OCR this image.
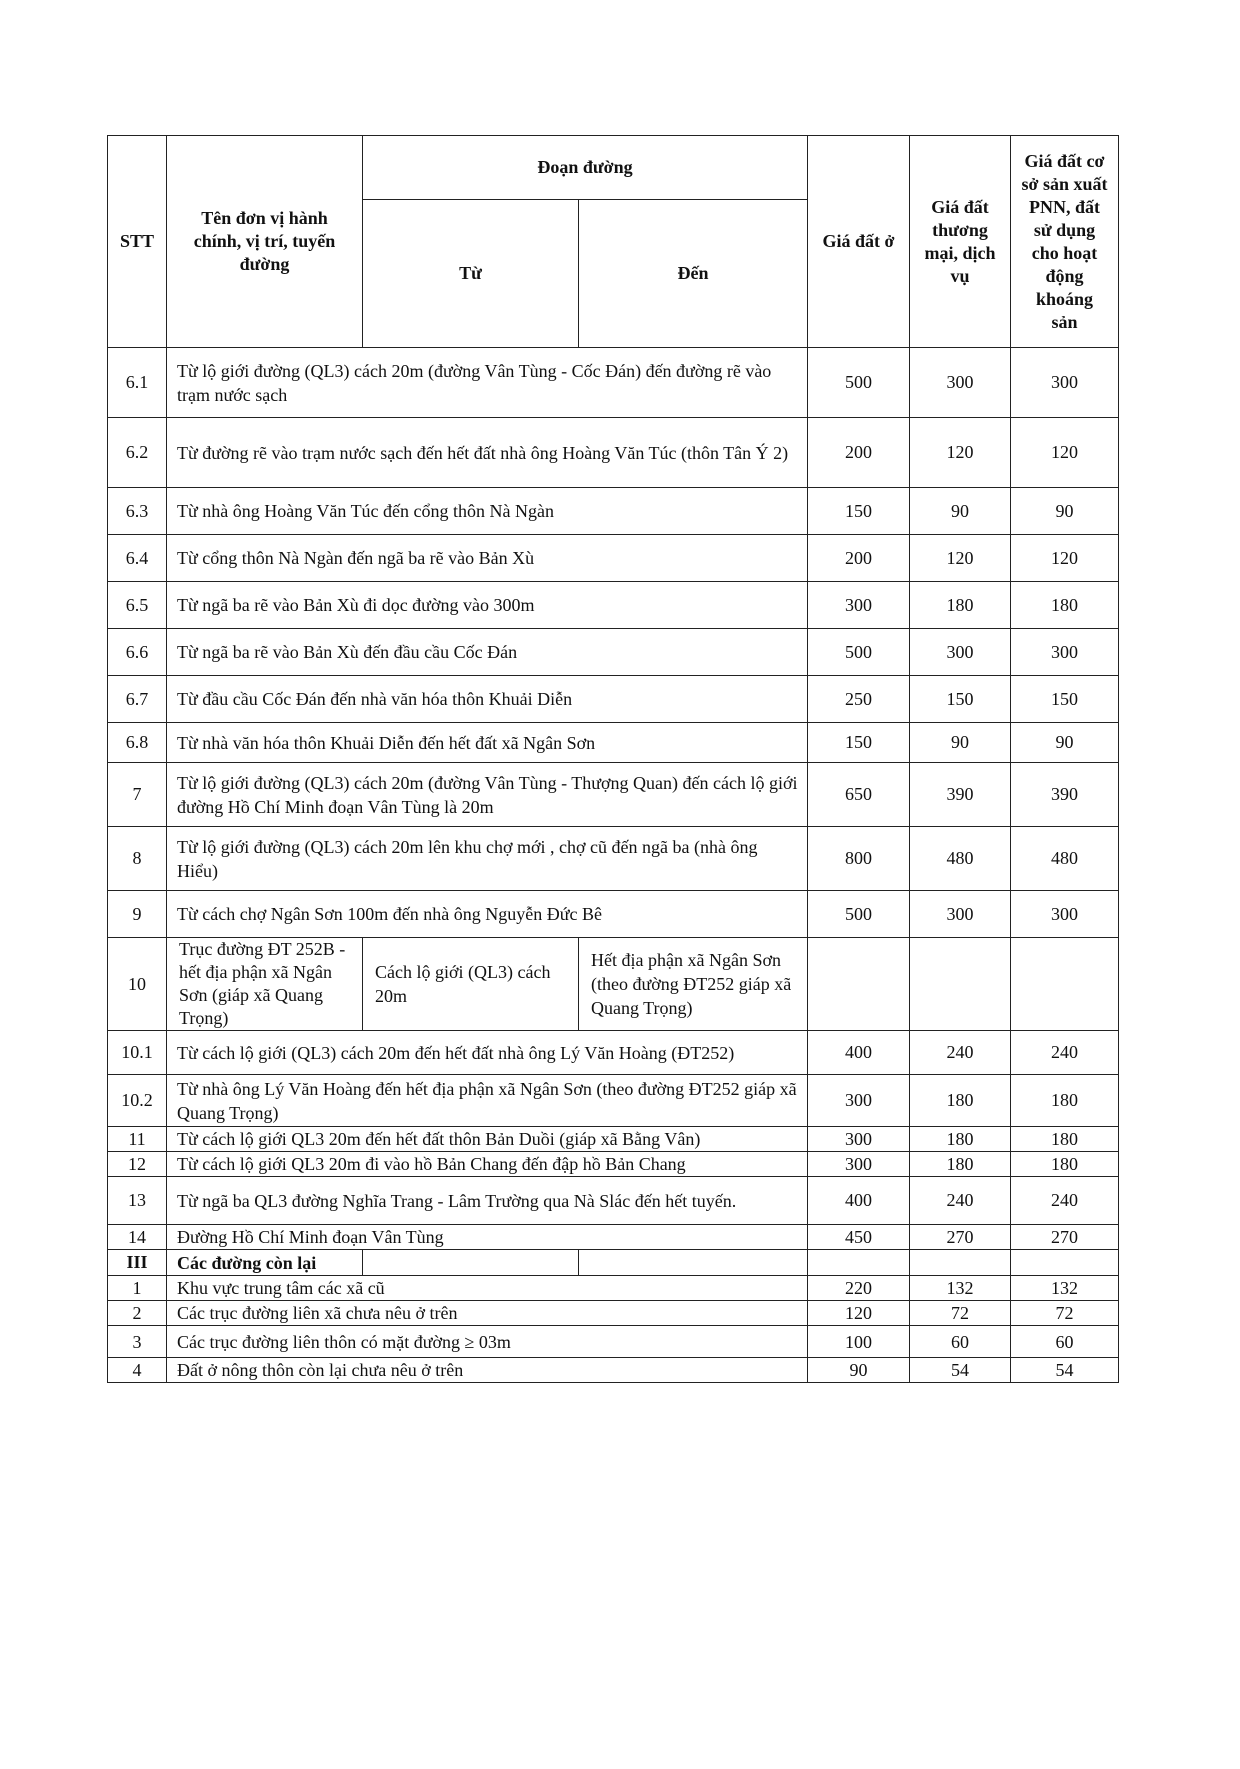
STT	Tên đơn vị hành chính, vị trí, tuyến đường	Đoạn đường		Giá đất ở	Giá đất thương mại, dịch vụ	Giá đất cơ sở sản xuất PNN, đất sử dụng cho hoạt động khoáng sản
		Từ	Đến			
6.1	Từ lộ giới đường (QL3) cách 20m (đường Vân Tùng - Cốc Đán) đến đường rẽ vào trạm nước sạch			500	300	300
6.2	Từ đường rẽ vào trạm nước sạch đến hết đất nhà ông Hoàng Văn Túc (thôn Tân Ý 2)			200	120	120
6.3	Từ nhà ông Hoàng Văn Túc đến cổng thôn Nà Ngàn			150	90	90
6.4	Từ cổng thôn Nà Ngàn đến ngã ba rẽ vào Bản Xù			200	120	120
6.5	Từ ngã ba rẽ vào Bản Xù đi dọc đường vào 300m			300	180	180
6.6	Từ ngã ba rẽ vào Bản Xù đến đầu cầu Cốc Đán			500	300	300
6.7	Từ đầu cầu Cốc Đán đến nhà văn hóa thôn Khuải Diễn			250	150	150
6.8	Từ nhà văn hóa thôn Khuải Diễn đến hết đất xã Ngân Sơn			150	90	90
7	Từ lộ giới đường (QL3) cách 20m (đường Vân Tùng - Thượng Quan) đến cách lộ giới đường Hồ Chí Minh đoạn Vân Tùng là 20m			650	390	390
8	Từ lộ giới đường (QL3) cách 20m lên khu chợ mới , chợ cũ đến ngã ba (nhà ông Hiểu)			800	480	480
9	Từ cách chợ Ngân Sơn 100m đến nhà ông Nguyễn Đức Bê			500	300	300
10	Trục đường ĐT 252B - hết địa phận xã Ngân Sơn (giáp xã Quang Trọng)	Cách lộ giới (QL3) cách 20m	Hết địa phận xã Ngân Sơn (theo đường ĐT252 giáp xã Quang Trọng)			
10.1	Từ cách lộ giới (QL3) cách 20m đến hết đất nhà ông Lý Văn Hoàng (ĐT252)			400	240	240
10.2	Từ nhà ông Lý Văn Hoàng đến hết địa phận xã Ngân Sơn (theo đường ĐT252 giáp xã Quang Trọng)			300	180	180
11	Từ cách lộ giới QL3 20m đến hết đất thôn Bản Duồi (giáp xã Bằng Vân)			300	180	180
12	Từ cách lộ giới QL3 20m đi vào hồ Bản Chang đến đập hồ Bản Chang			300	180	180
13	Từ ngã ba QL3 đường Nghĩa Trang - Lâm Trường qua Nà Slác đến hết tuyến.			400	240	240
14	Đường Hồ Chí Minh đoạn Vân Tùng			450	270	270
III	Các đường còn lại					
1	Khu vực trung tâm các xã cũ			220	132	132
2	Các trục đường liên xã chưa nêu ở trên			120	72	72
3	Các trục đường liên thôn có mặt đường ≥ 03m			100	60	60
4	Đất ở nông thôn còn lại chưa nêu ở trên			90	54	54
